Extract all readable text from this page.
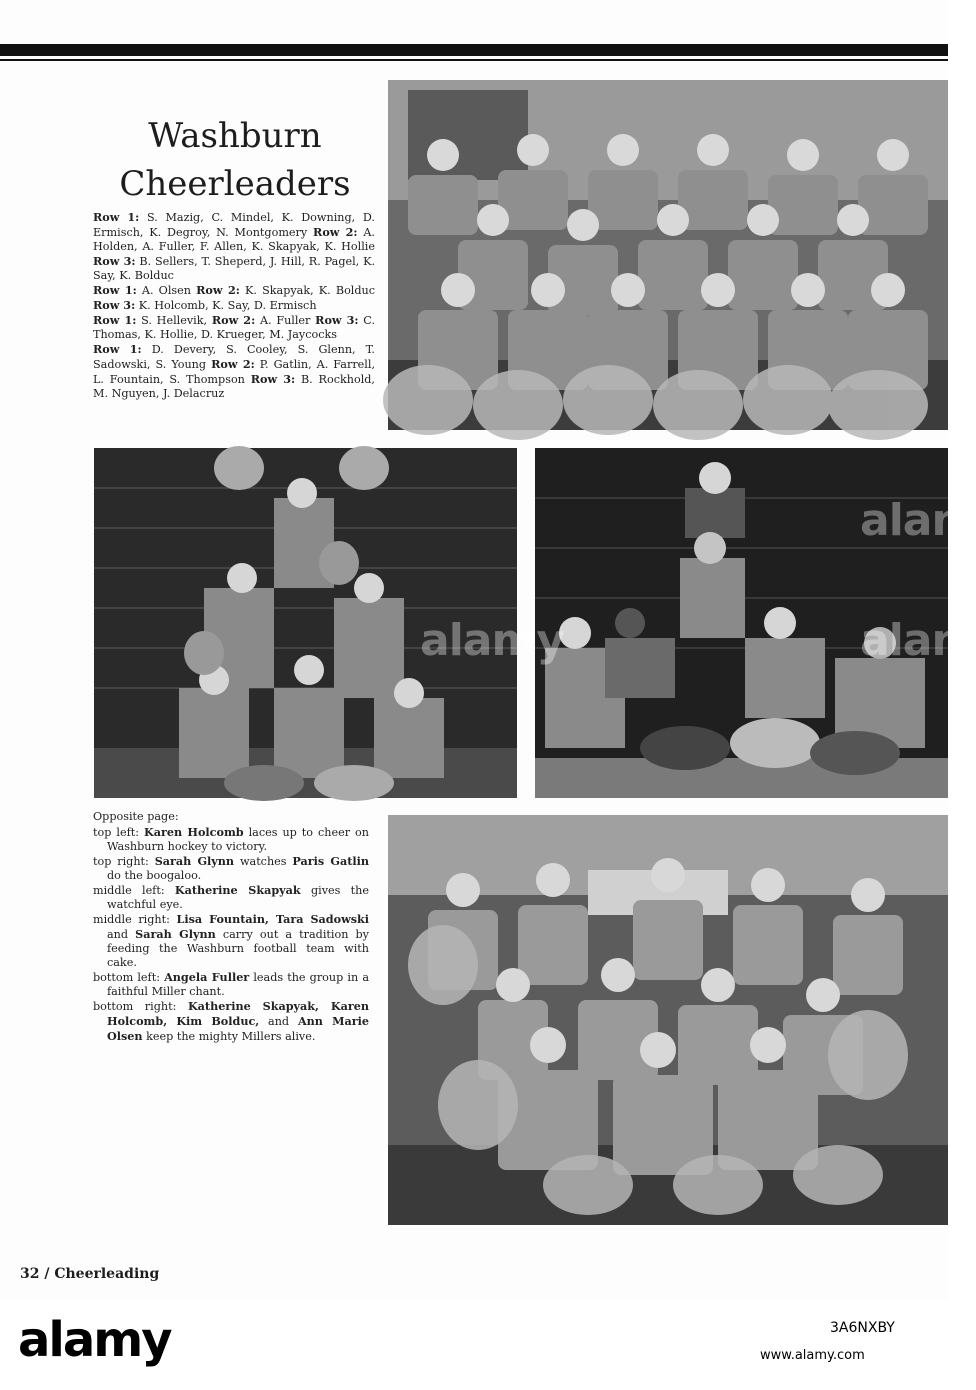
Washburn
Cheerleaders

Row 1: S. Mazig, C. Mindel, K. Downing, D. Ermisch, K. Degroy, N. Montgomery Row 2: A. Holden, A. Fuller, F. Allen, K. Skapyak, K. Hollie Row 3: B. Sellers, T. Sheperd, J. Hill, R. Pagel, K. Say, K. Bolduc

Row 1: A. Olsen Row 2: K. Skapyak, K. Bolduc Row 3: K. Holcomb, K. Say, D. Ermisch

Row 1: S. Hellevik, Row 2: A. Fuller Row 3: C. Thomas, K. Hollie, D. Krueger, M. Jaycocks

Row 1: D. Devery, S. Cooley, S. Glenn, T. Sadowski, S. Young Row 2: P. Gatlin, A. Farrell, L. Fountain, S. Thompson Row 3: B. Rockhold, M. Nguyen, J. Delacruz

alam
alamy	alam

Opposite page:

top left: Karen Holcomb laces up to cheer on Washburn hockey to victory.

top right: Sarah Glynn watches Paris Gatlin do the boogaloo.

middle left: Katherine Skapyak gives the watchful eye.

middle right: Lisa Fountain, Tara Sadowski and Sarah Glynn carry out a tradition by feeding the Washburn football team with cake.

bottom left: Angela Fuller leads the group in a faithful Miller chant.

bottom right: Katherine Skapyak, Karen Holcomb, Kim Bolduc, and Ann Marie Olsen keep the mighty Millers alive.

32 / Cheerleading
alamy	3A6NXBY
www.alamy.com
